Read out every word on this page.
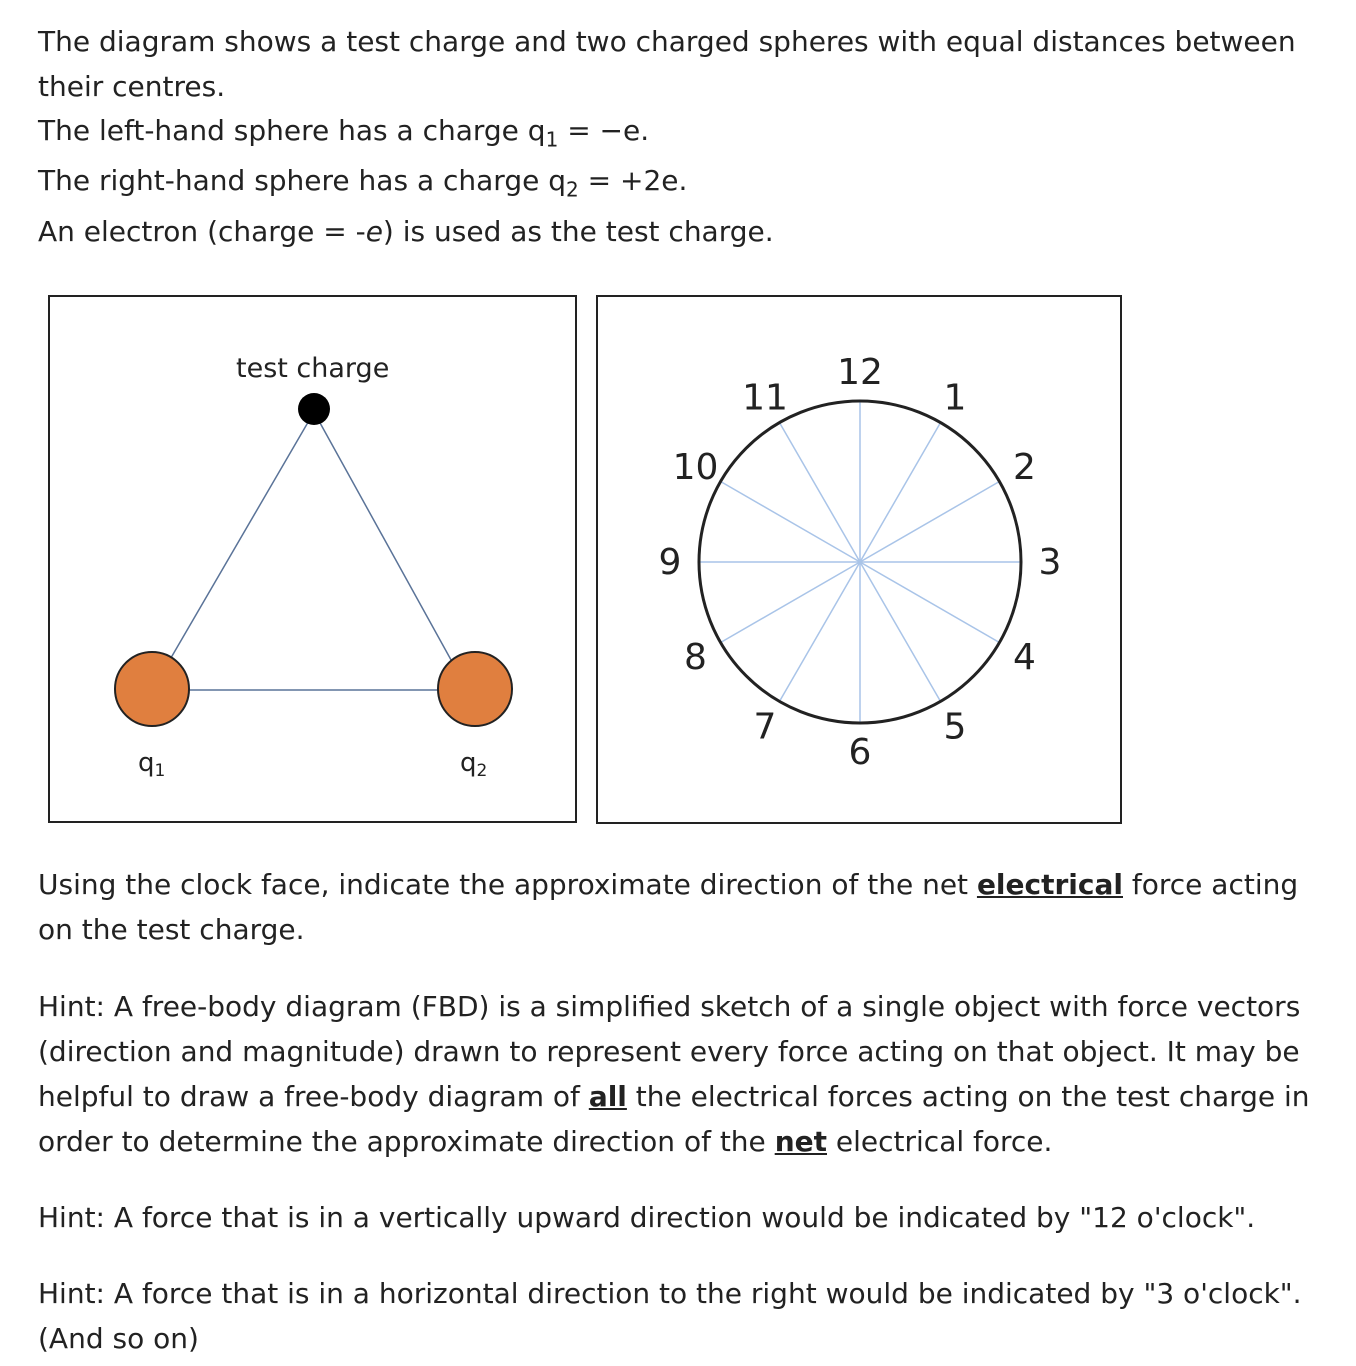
The diagram shows a test charge and two charged spheres with equal distances between their centres.

The left-hand sphere has a charge $q_1 = -e$.

The right-hand sphere has a charge $q_2 = +2e$.

An electron (charge = -e) is used as the test charge.

test charge
q1	q2
12
1
2
3
4
5
6
7
8
9
10
11

Using the clock face, indicate the approximate direction of the net electrical force acting on the test charge.

Hint: A free-body diagram (FBD) is a simplified sketch of a single object with force vectors (direction and magnitude) drawn to represent every force acting on that object. It may be helpful to draw a free-body diagram of all the electrical forces acting on the test charge in order to determine the approximate direction of the net electrical force.

Hint: A force that is in a vertically upward direction would be indicated by "12 o'clock".

Hint: A force that is in a horizontal direction to the right would be indicated by "3 o'clock". (And so on)
